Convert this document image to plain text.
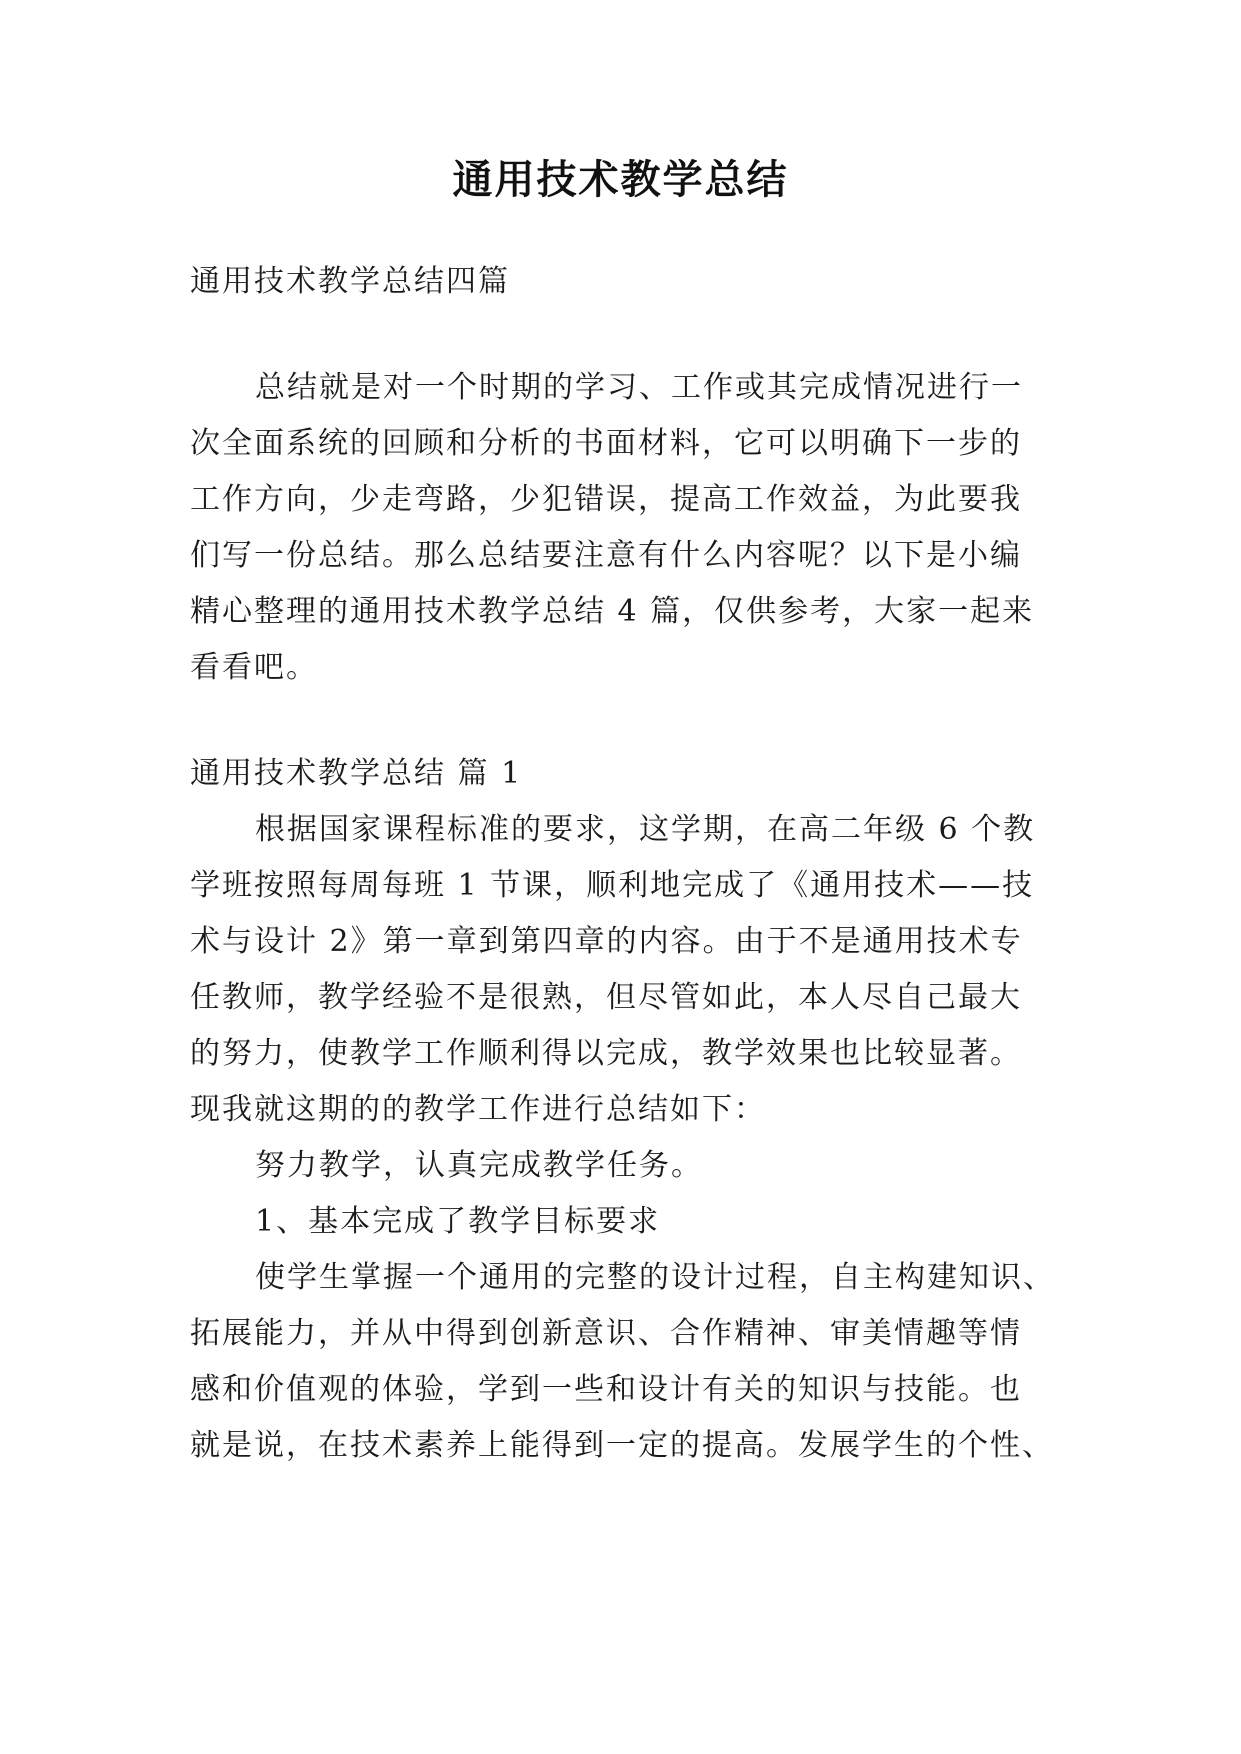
通用技术教学总结
通用技术教学总结四篇
总结就是对一个时期的学习、工作或其完成情况进行一
次全面系统的回顾和分析的书面材料，它可以明确下一步的
工作方向，少走弯路，少犯错误，提高工作效益，为此要我
们写一份总结。那么总结要注意有什么内容呢？以下是小编
精心整理的通用技术教学总结 4 篇，仅供参考，大家一起来
看看吧。
通用技术教学总结 篇 1
根据国家课程标准的要求，这学期，在高二年级 6 个教
学班按照每周每班 1 节课，顺利地完成了《通用技术——技
术与设计 2》第一章到第四章的内容。由于不是通用技术专
任教师，教学经验不是很熟，但尽管如此，本人尽自己最大
的努力，使教学工作顺利得以完成，教学效果也比较显著。
现我就这期的的教学工作进行总结如下：
努力教学，认真完成教学任务。
1、基本完成了教学目标要求
使学生掌握一个通用的完整的设计过程，自主构建知识、
拓展能力，并从中得到创新意识、合作精神、审美情趣等情
感和价值观的体验，学到一些和设计有关的知识与技能。也
就是说，在技术素养上能得到一定的提高。发展学生的个性、
